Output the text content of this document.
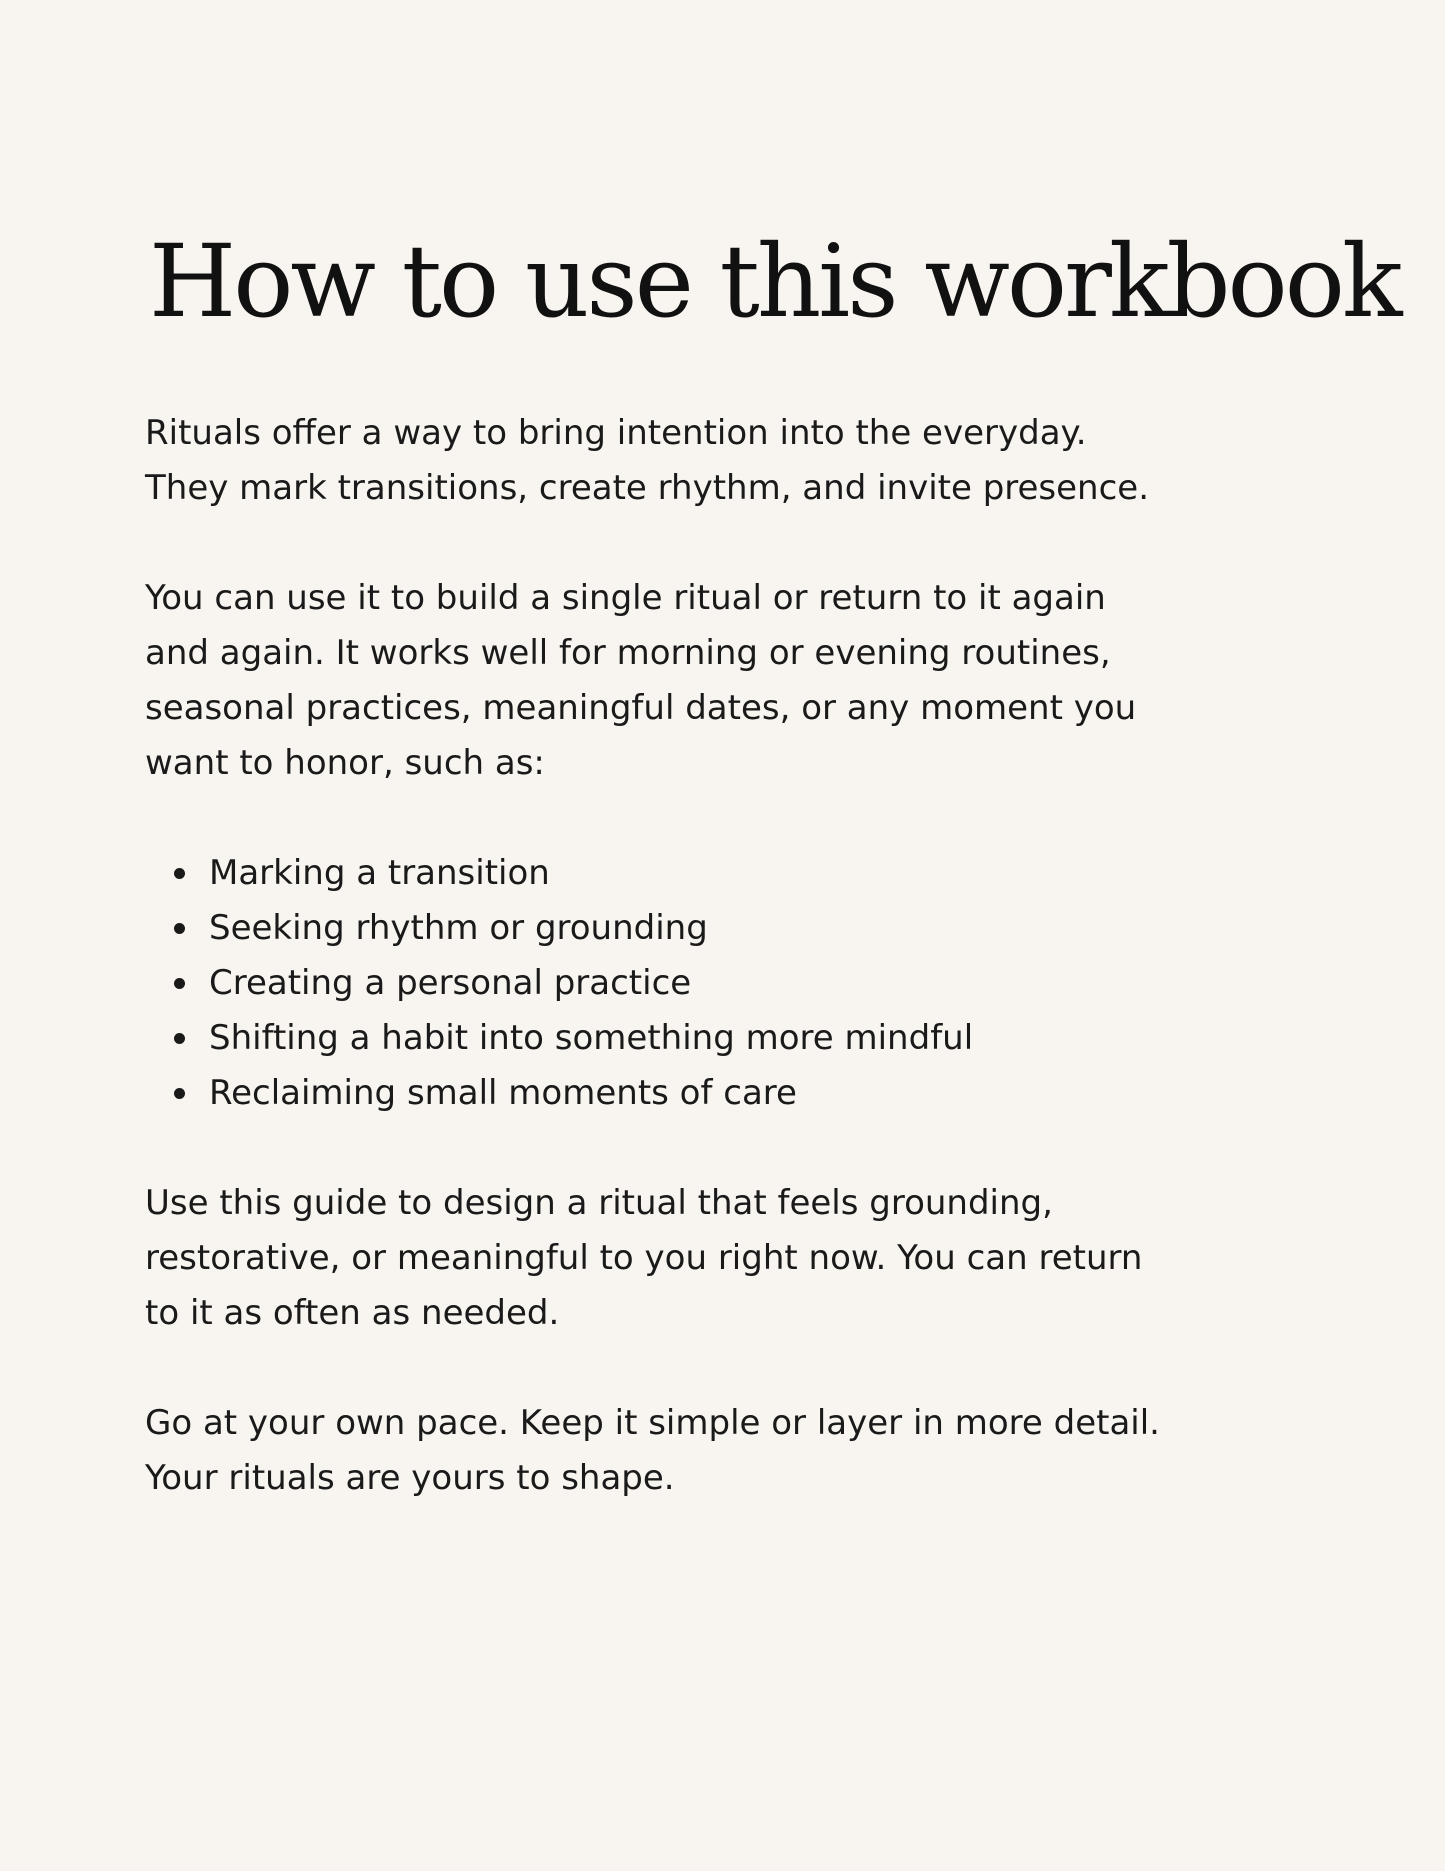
How to use this workbook

Rituals offer a way to bring intention into the everyday.
They mark transitions, create rhythm, and invite presence.

You can use it to build a single ritual or return to it again
and again. It works well for morning or evening routines,
seasonal practices, meaningful dates, or any moment you
want to honor, such as:

Marking a transition
Seeking rhythm or grounding
Creating a personal practice
Shifting a habit into something more mindful
Reclaiming small moments of care

Use this guide to design a ritual that feels grounding,
restorative, or meaningful to you right now. You can return
to it as often as needed.

Go at your own pace. Keep it simple or layer in more detail.
Your rituals are yours to shape.
